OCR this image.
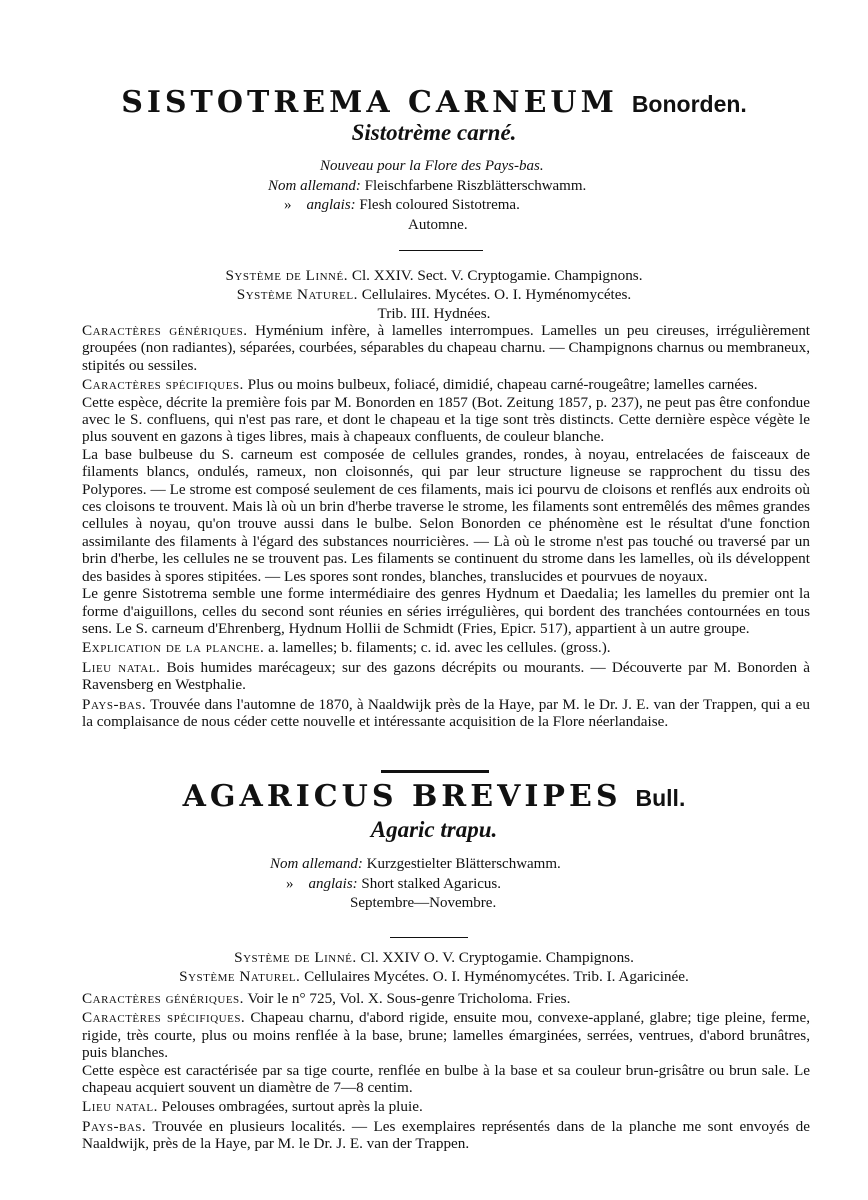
SISTOTREMA CARNEUM Bonorden.
Sistotrème carné.
Nouveau pour la Flore des Pays-bas.
Nom allemand: Fleischfarbene Riszblätterschwamm.
» anglais: Flesh coloured Sistotrema.
Automne.
Système de Linné. Cl. XXIV. Sect. V. Cryptogamie. Champignons.
Système Naturel. Cellulaires. Mycétes. O. I. Hyménomycétes.
Trib. III. Hydnées.

Caractères génériques. Hyménium infère, à lamelles interrompues. Lamelles un peu cireuses, irrégulièrement groupées (non radiantes), séparées, courbées, séparables du chapeau charnu. — Champignons charnus ou membraneux, stipités ou sessiles.

Caractères spécifiques. Plus ou moins bulbeux, foliacé, dimidié, chapeau carné-rougeâtre; lamelles carnées.

Cette espèce, décrite la première fois par M. Bonorden en 1857 (Bot. Zeitung 1857, p. 237), ne peut pas être confondue avec le S. confluens, qui n'est pas rare, et dont le chapeau et la tige sont très distincts. Cette dernière espèce végète le plus souvent en gazons à tiges libres, mais à chapeaux confluents, de couleur blanche.

La base bulbeuse du S. carneum est composée de cellules grandes, rondes, à noyau, entrelacées de faisceaux de filaments blancs, ondulés, rameux, non cloisonnés, qui par leur structure ligneuse se rapprochent du tissu des Polypores. — Le strome est composé seulement de ces filaments, mais ici pourvu de cloisons et renflés aux endroits où ces cloisons te trouvent. Mais là où un brin d'herbe traverse le strome, les filaments sont entremêlés des mêmes grandes cellules à noyau, qu'on trouve aussi dans le bulbe. Selon Bonorden ce phénomène est le résultat d'une fonction assimilante des filaments à l'égard des substances nourricières. — Là où le strome n'est pas touché ou traversé par un brin d'herbe, les cellules ne se trouvent pas. Les filaments se continuent du strome dans les lamelles, où ils développent des basides à spores stipitées. — Les spores sont rondes, blanches, translucides et pourvues de noyaux.

Le genre Sistotrema semble une forme intermédiaire des genres Hydnum et Daedalia; les lamelles du premier ont la forme d'aiguillons, celles du second sont réunies en séries irrégulières, qui bordent des tranchées contournées en tous sens. Le S. carneum d'Ehrenberg, Hydnum Hollii de Schmidt (Fries, Epicr. 517), appartient à un autre groupe.

Explication de la planche. a. lamelles; b. filaments; c. id. avec les cellules. (gross.).

Lieu natal. Bois humides marécageux; sur des gazons décrépits ou mourants. — Découverte par M. Bonorden à Ravensberg en Westphalie.

Pays-bas. Trouvée dans l'automne de 1870, à Naaldwijk près de la Haye, par M. le Dr. J. E. van der Trappen, qui a eu la complaisance de nous céder cette nouvelle et intéressante acquisition de la Flore néerlandaise.

AGARICUS BREVIPES Bull.
Agaric trapu.
Nom allemand: Kurzgestielter Blätterschwamm.
» anglais: Short stalked Agaricus.
Septembre—Novembre.
Système de Linné. Cl. XXIV O. V. Cryptogamie. Champignons.
Système Naturel. Cellulaires Mycétes. O. I. Hyménomycétes. Trib. I. Agaricinée.

Caractères génériques. Voir le n° 725, Vol. X. Sous-genre Tricholoma. Fries.

Caractères spécifiques. Chapeau charnu, d'abord rigide, ensuite mou, convexe-applané, glabre; tige pleine, ferme, rigide, très courte, plus ou moins renflée à la base, brune; lamelles émarginées, serrées, ventrues, d'abord brunâtres, puis blanches.

Cette espèce est caractérisée par sa tige courte, renflée en bulbe à la base et sa couleur brun-grisâtre ou brun sale. Le chapeau acquiert souvent un diamètre de 7—8 centim.

Lieu natal. Pelouses ombragées, surtout après la pluie.

Pays-bas. Trouvée en plusieurs localités. — Les exemplaires représentés dans de la planche me sont envoyés de Naaldwijk, près de la Haye, par M. le Dr. J. E. van der Trappen.
